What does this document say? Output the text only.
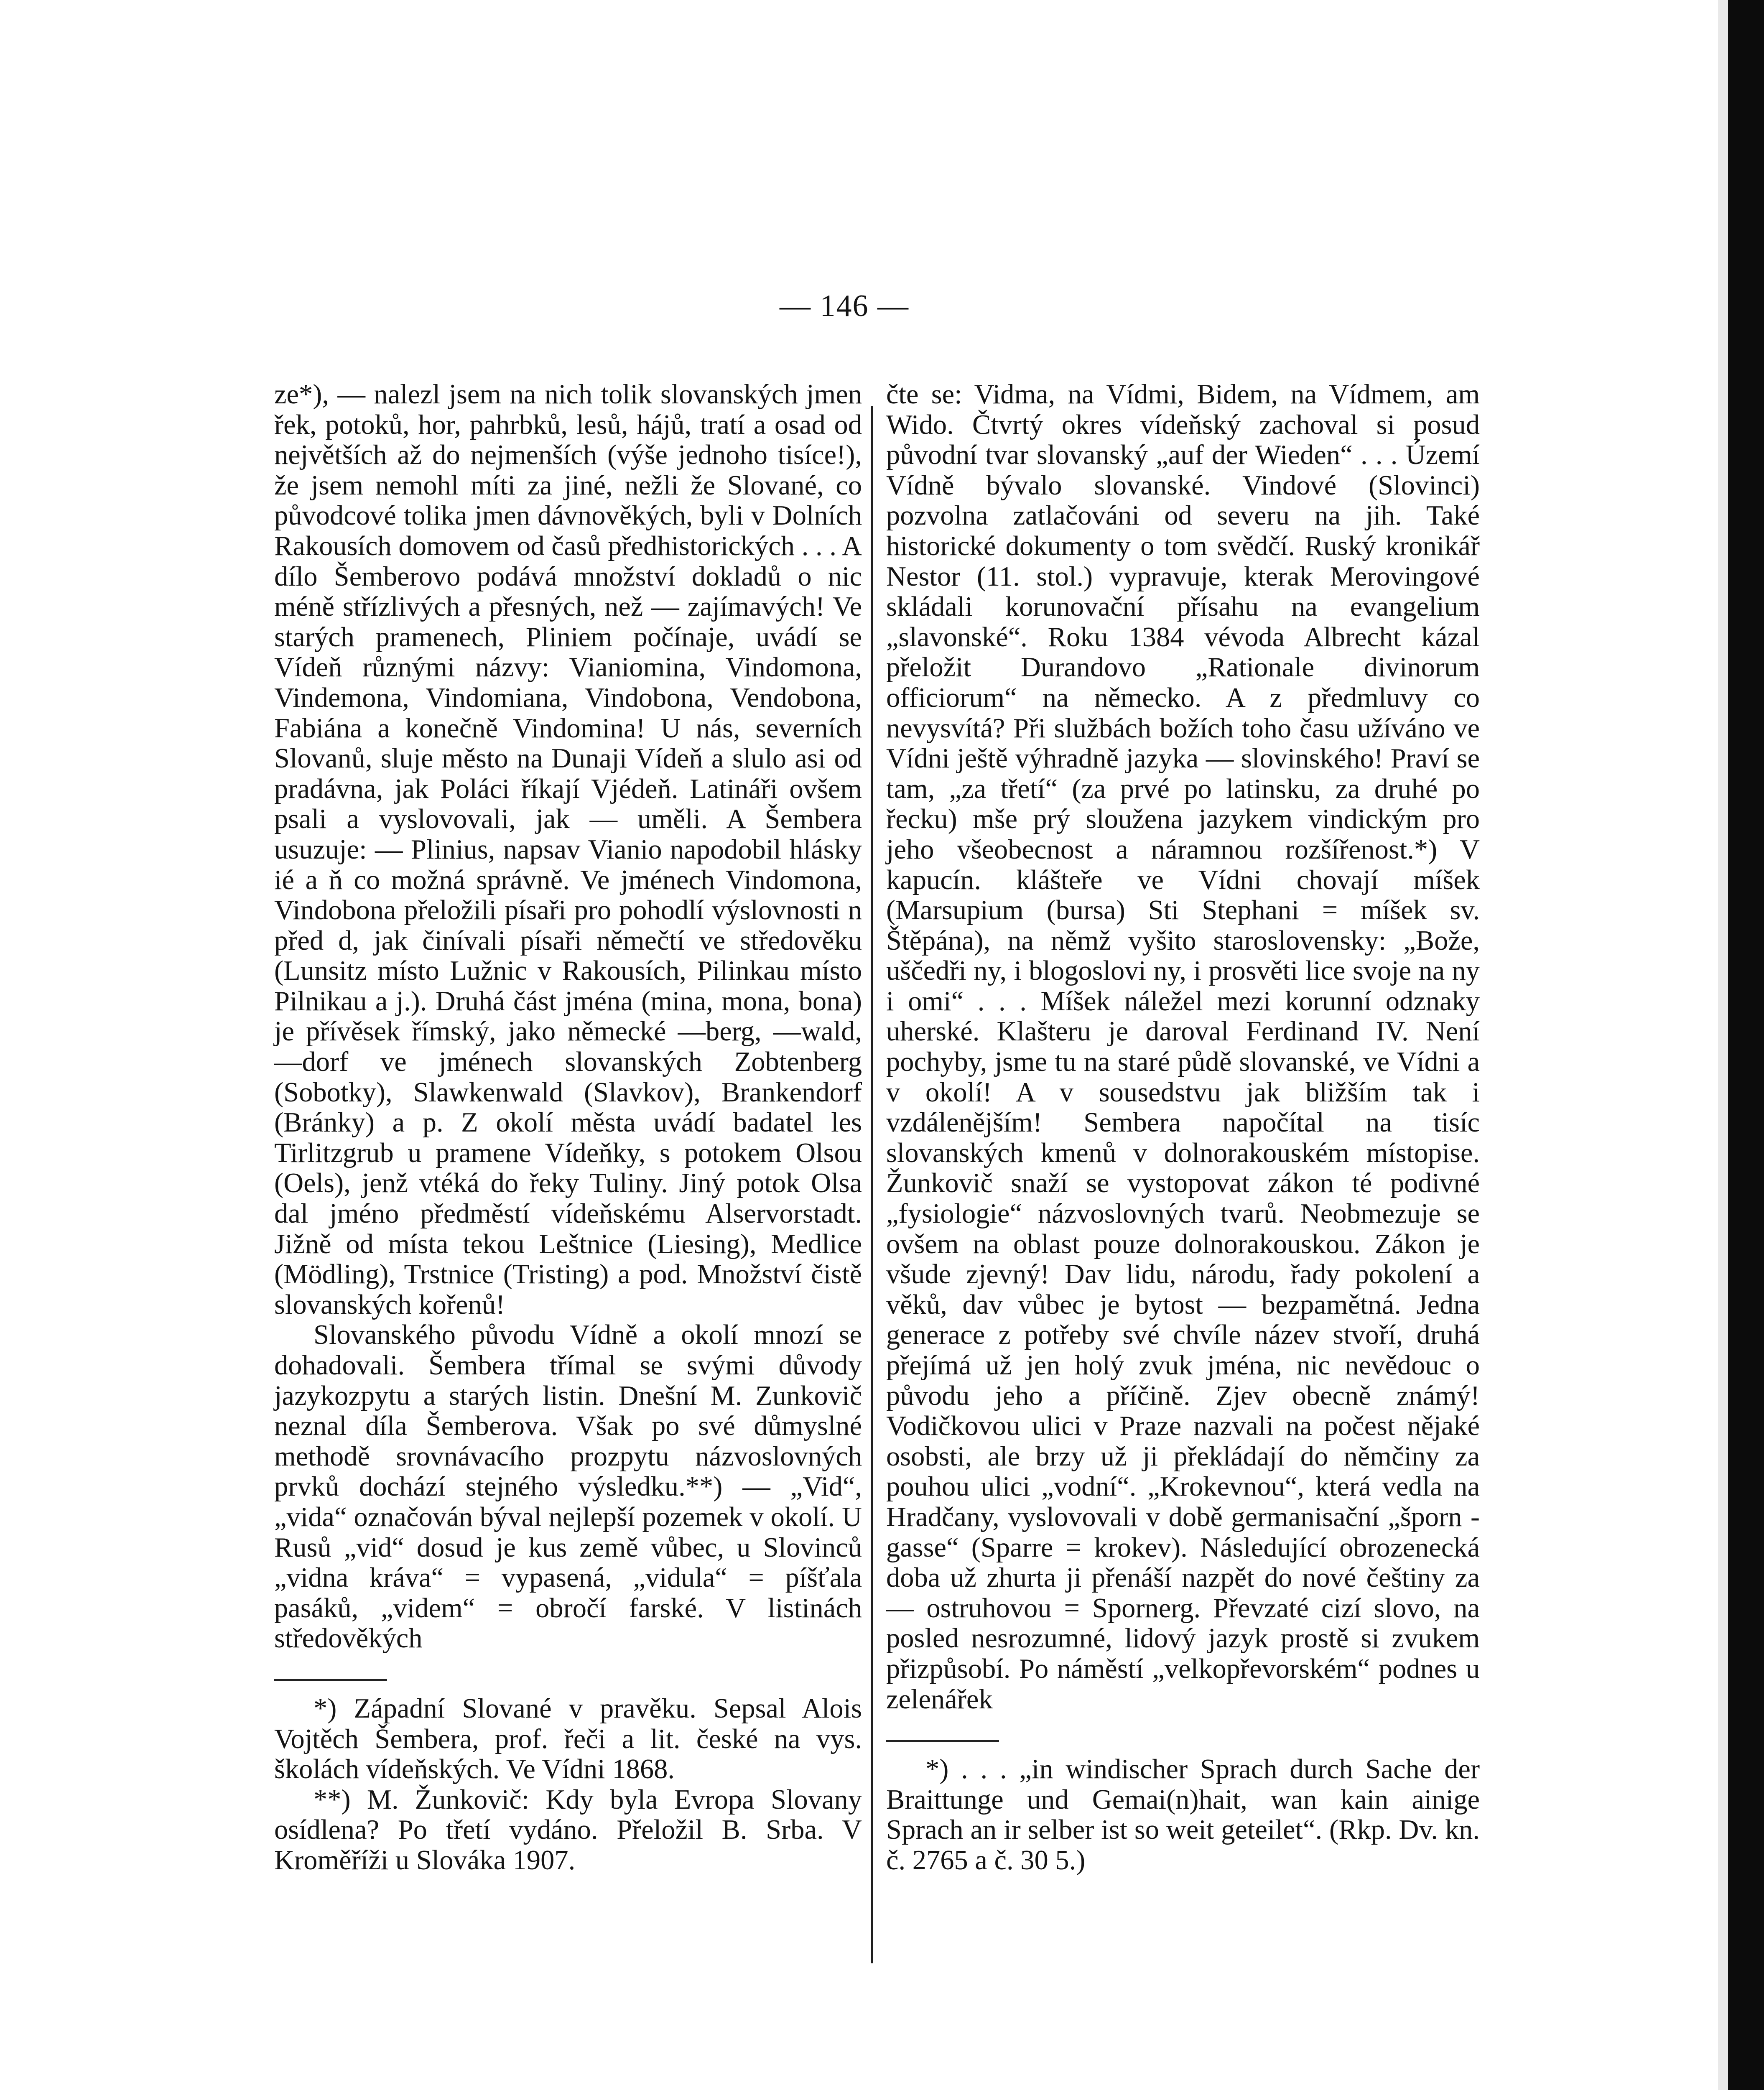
— 146 —

ze*), — nalezl jsem na nich tolik slovanských jmen řek, potoků, hor, pahrbků, lesů, hájů, tratí a osad od největších až do nejmenších (výše jednoho tisíce!), že jsem nemohl míti za jiné, nežli že Slované, co původcové tolika jmen dávnověkých, byli v Dolních Rakousích domovem od časů předhistorických . . . A dílo Šemberovo podává množství dokladů o nic méně střízlivých a přesných, než — zajímavých! Ve starých pramenech, Pliniem počínaje, uvádí se Vídeň různými názvy: Vianiomina, Vindomona, Vindemona, Vindomiana, Vindobona, Vendobona, Fabiána a konečně Vindomina! U nás, severních Slovanů, sluje město na Dunaji Vídeň a slulo asi od pradávna, jak Poláci říkají Vjédeň. Latináři ovšem psali a vyslovovali, jak — uměli. A Šembera usuzuje: — Plinius, napsav Vianio napodobil hlásky ié a ň co možná správně. Ve jménech Vindomona, Vindobona přeložili písaři pro pohodlí výslovnosti n před d, jak činívali písaři němečtí ve středověku (Lunsitz místo Lužnic v Rakousích, Pilinkau místo Pilnikau a j.). Druhá část jména (mina, mona, bona) je přívěsek římský, jako německé —berg, —wald, —dorf ve jménech slovanských Zobtenberg (Sobotky), Slawkenwald (Slavkov), Brankendorf (Bránky) a p. Z okolí města uvádí badatel les Tirlitzgrub u pramene Vídeňky, s potokem Olsou (Oels), jenž vtéká do řeky Tuliny. Jiný potok Olsa dal jméno předměstí vídeňskému Alservorstadt. Jižně od místa tekou Leštnice (Liesing), Medlice (Mödling), Trstnice (Tristing) a pod. Množství čistě slovanských kořenů!

Slovanského původu Vídně a okolí mnozí se dohadovali. Šembera třímal se svými důvody jazykozpytu a starých listin. Dnešní M. Zunkovič neznal díla Šemberova. Však po své důmyslné methodě srovnávacího prozpytu názvoslovných prvků dochází stejného výsledku.**) — „Vid“, „vida“ označován býval nejlepší pozemek v okolí. U Rusů „vid“ dosud je kus země vůbec, u Slovinců „vidna kráva“ = vypasená, „vidula“ = píšťala pasáků, „videm“ = obročí farské. V listinách středověkých

*) Západní Slované v pravěku. Sepsal Alois Vojtěch Šembera, prof. řeči a lit. české na vys. školách vídeňských. Ve Vídni 1868.

**) M. Žunkovič: Kdy byla Evropa Slovany osídlena? Po třetí vydáno. Přeložil B. Srba. V Kroměříži u Slováka 1907.

čte se: Vidma, na Vídmi, Bidem, na Vídmem, am Wido. Čtvrtý okres vídeňský zachoval si posud původní tvar slovanský „auf der Wieden“ . . . Území Vídně bývalo slovanské. Vindové (Slovinci) pozvolna zatlačováni od severu na jih. Také historické dokumenty o tom svědčí. Ruský kronikář Nestor (11. stol.) vypravuje, kterak Merovingové skládali korunovační přísahu na evangelium „slavonské“. Roku 1384 vévoda Albrecht kázal přeložit Durandovo „Rationale divinorum officiorum“ na německo. A z předmluvy co nevysvítá? Při službách božích toho času užíváno ve Vídni ještě výhradně jazyka — slovinského! Praví se tam, „za třetí“ (za prvé po latinsku, za druhé po řecku) mše prý sloužena jazykem vindickým pro jeho všeobecnost a náramnou rozšířenost.*) V kapucín. klášteře ve Vídni chovají míšek (Marsupium (bursa) Sti Stephani = míšek sv. Štěpána), na němž vyšito staroslovensky: „Bože, uščedři ny, i blogoslovi ny, i prosvěti lice svoje na ny i omi“ . . . Míšek náležel mezi korunní odznaky uherské. Klašteru je daroval Ferdinand IV. Není pochyby, jsme tu na staré půdě slovanské, ve Vídni a v okolí! A v sousedstvu jak bližším tak i vzdálenějším! Sembera napočítal na tisíc slovanských kmenů v dolnorakouském místopise. Žunkovič snaží se vystopovat zákon té podivné „fysiologie“ názvoslovných tvarů. Neobmezuje se ovšem na oblast pouze dolnorakouskou. Zákon je všude zjevný! Dav lidu, národu, řady pokolení a věků, dav vůbec je bytost — bezpamětná. Jedna generace z potřeby své chvíle název stvoří, druhá přejímá už jen holý zvuk jména, nic nevědouc o původu jeho a příčině. Zjev obecně známý! Vodičkovou ulici v Praze nazvali na počest nějaké osobsti, ale brzy už ji překládají do němčiny za pouhou ulici „vodní“. „Krokevnou“, která vedla na Hradčany, vyslovovali v době germanisační „šporn - gasse“ (Sparre = krokev). Následující obrozenecká doba už zhurta ji přenáší nazpět do nové češtiny za — ostruhovou = Spornerg. Převzaté cizí slovo, na posled nesrozumné, lidový jazyk prostě si zvukem přizpůsobí. Po náměstí „velkopřevorském“ podnes u zelenářek

*) . . . „in windischer Sprach durch Sache der Braittunge und Gemai(n)hait, wan kain ainige Sprach an ir selber ist so weit geteilet“. (Rkp. Dv. kn. č. 2765 a č. 30 5.)
